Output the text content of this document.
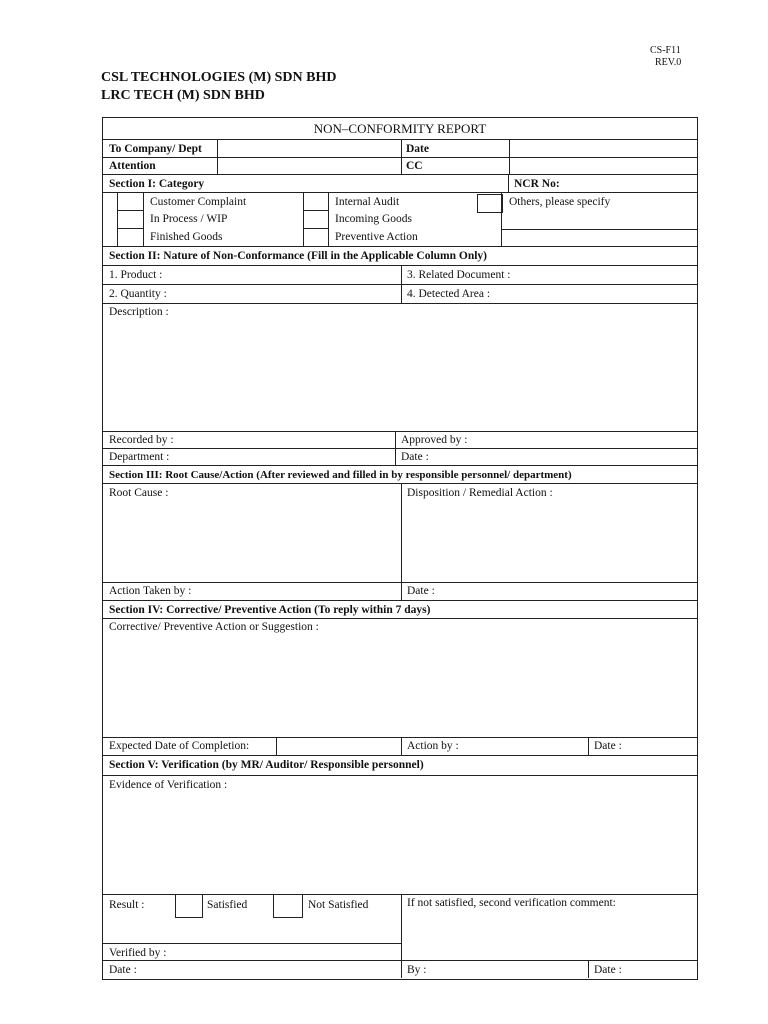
CS-F11
REV.0
CSL TECHNOLOGIES (M) SDN BHD
LRC TECH (M) SDN BHD
NON–CONFORMITY REPORT
To Company/ Dept	Date
Attention	CC
Section I: Category	NCR No:
Customer Complaint
In Process / WIP
Finished Goods
Internal Audit
Incoming Goods
Preventive Action
Others, please specify
Section II: Nature of Non-Conformance (Fill in the Applicable Column Only)
1. Product :	3. Related Document :
2. Quantity :	4. Detected Area :
Description :
Recorded by :	Approved by :
Department :	Date :
Section III: Root Cause/Action (After reviewed and filled in by responsible personnel/ department)
Root Cause :	Disposition / Remedial Action :
Action Taken by :	Date :
Section IV: Corrective/ Preventive Action (To reply within 7 days)
Corrective/ Preventive Action or Suggestion :
Expected Date of Completion:	Action by :	Date :
Section V: Verification (by MR/ Auditor/ Responsible personnel)
Evidence of Verification :
Result :	Satisfied	Not Satisfied	If not satisfied, second verification comment:
Verified by :
Date :	By :	Date :
